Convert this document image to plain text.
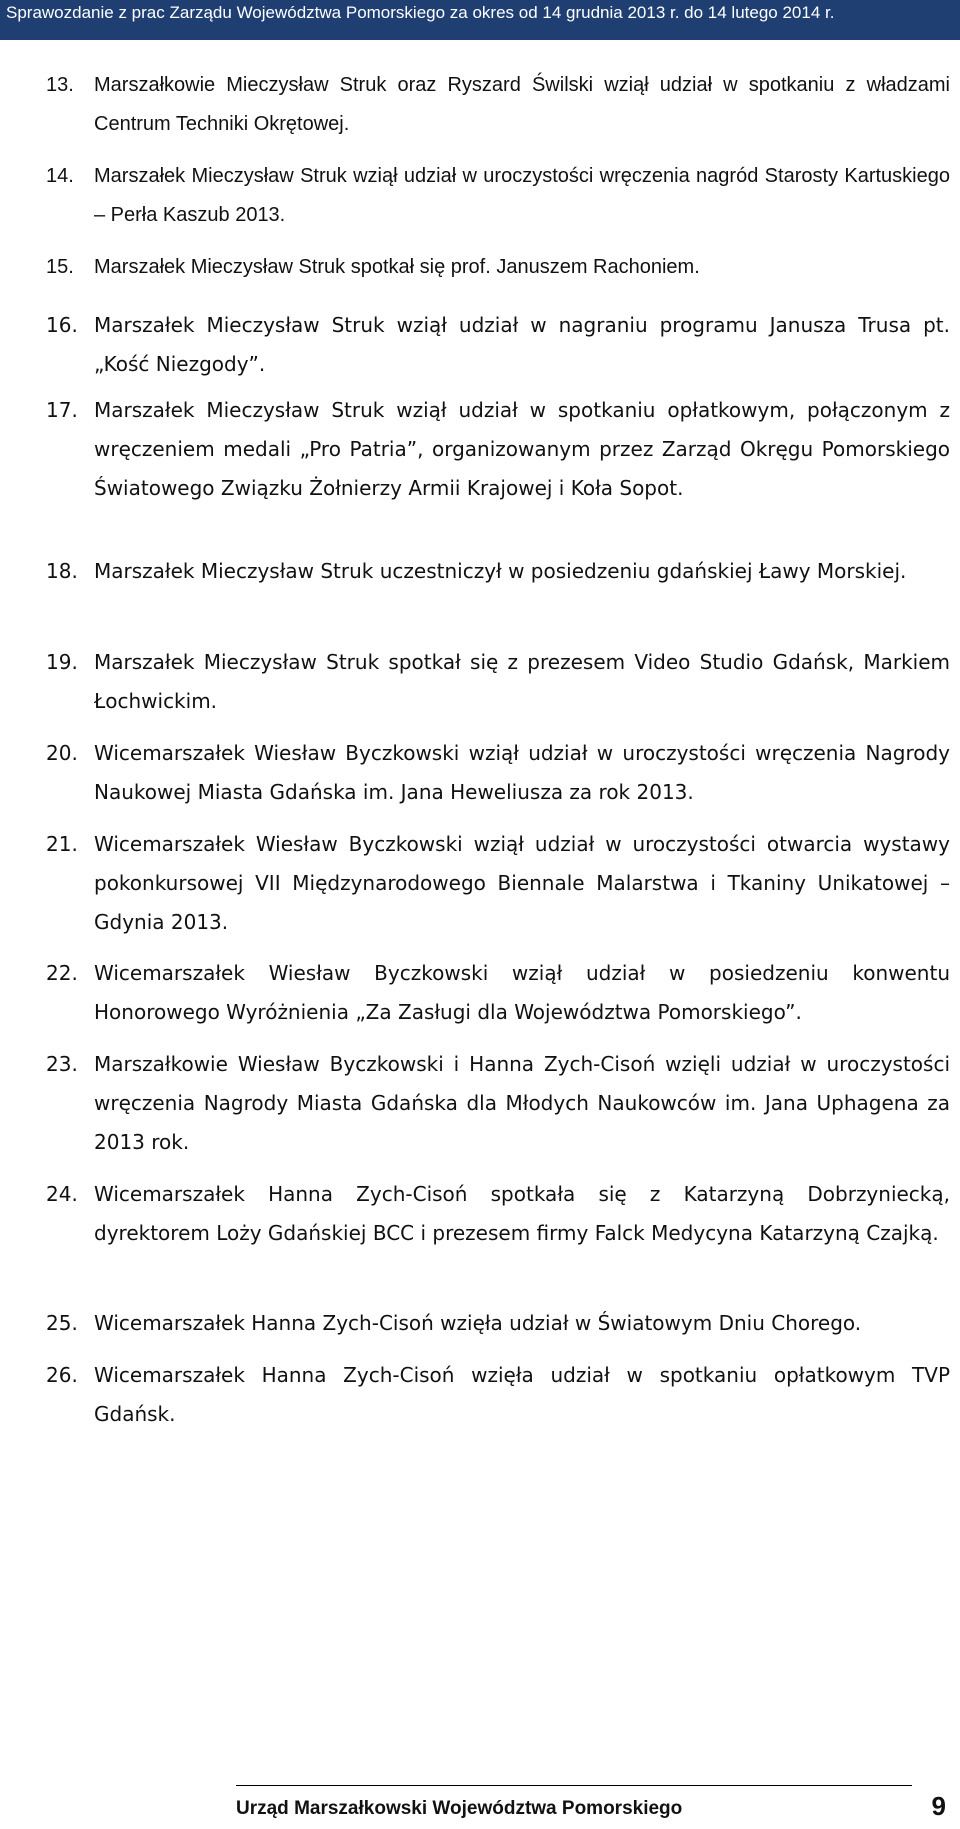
Sprawozdanie z prac Zarządu Województwa Pomorskiego za okres od 14 grudnia 2013 r. do 14 lutego 2014 r.
13.	Marszałkowie Mieczysław Struk oraz Ryszard Świlski wziął udział w spotkaniu z władzami Centrum Techniki Okrętowej.
14.	Marszałek Mieczysław Struk wziął udział w uroczystości wręczenia nagród Starosty Kartuskiego – Perła Kaszub 2013.
15.	Marszałek Mieczysław Struk spotkał się prof. Januszem Rachoniem.
16. Marszałek Mieczysław Struk wziął udział w nagraniu programu Janusza Trusa pt. „Kość Niezgody”.
17. Marszałek Mieczysław Struk wziął udział w spotkaniu opłatkowym, połączonym z wręczeniem medali „Pro Patria”, organizowanym przez Zarząd Okręgu Pomorskiego Światowego Związku Żołnierzy Armii Krajowej i Koła Sopot.
18. Marszałek Mieczysław Struk uczestniczył w posiedzeniu gdańskiej Ławy Morskiej.
19. Marszałek Mieczysław Struk spotkał się z prezesem Video Studio Gdańsk, Markiem Łochwickim.
20. Wicemarszałek Wiesław Byczkowski wziął udział w uroczystości wręczenia Nagrody Naukowej Miasta Gdańska im. Jana Heweliusza za rok 2013.
21. Wicemarszałek Wiesław Byczkowski wziął udział w uroczystości otwarcia wystawy pokonkursowej VII Międzynarodowego Biennale Malarstwa i Tkaniny Unikatowej – Gdynia 2013.
22. Wicemarszałek Wiesław Byczkowski wziął udział w posiedzeniu konwentu Honorowego Wyróżnienia „Za Zasługi dla Województwa Pomorskiego”.
23. Marszałkowie Wiesław Byczkowski i Hanna Zych-Cisoń wzięli udział w uroczystości wręczenia Nagrody Miasta Gdańska dla Młodych Naukowców im. Jana Uphagena za 2013 rok.
24. Wicemarszałek Hanna Zych-Cisoń spotkała się z Katarzyną Dobrzyniecką, dyrektorem Loży Gdańskiej BCC i prezesem firmy Falck Medycyna Katarzyną Czajką.
25. Wicemarszałek Hanna Zych-Cisoń wzięła udział w Światowym Dniu Chorego.
26. Wicemarszałek Hanna Zych-Cisoń wzięła udział w spotkaniu opłatkowym TVP Gdańsk.
Urząd Marszałkowski Województwa Pomorskiego	9
